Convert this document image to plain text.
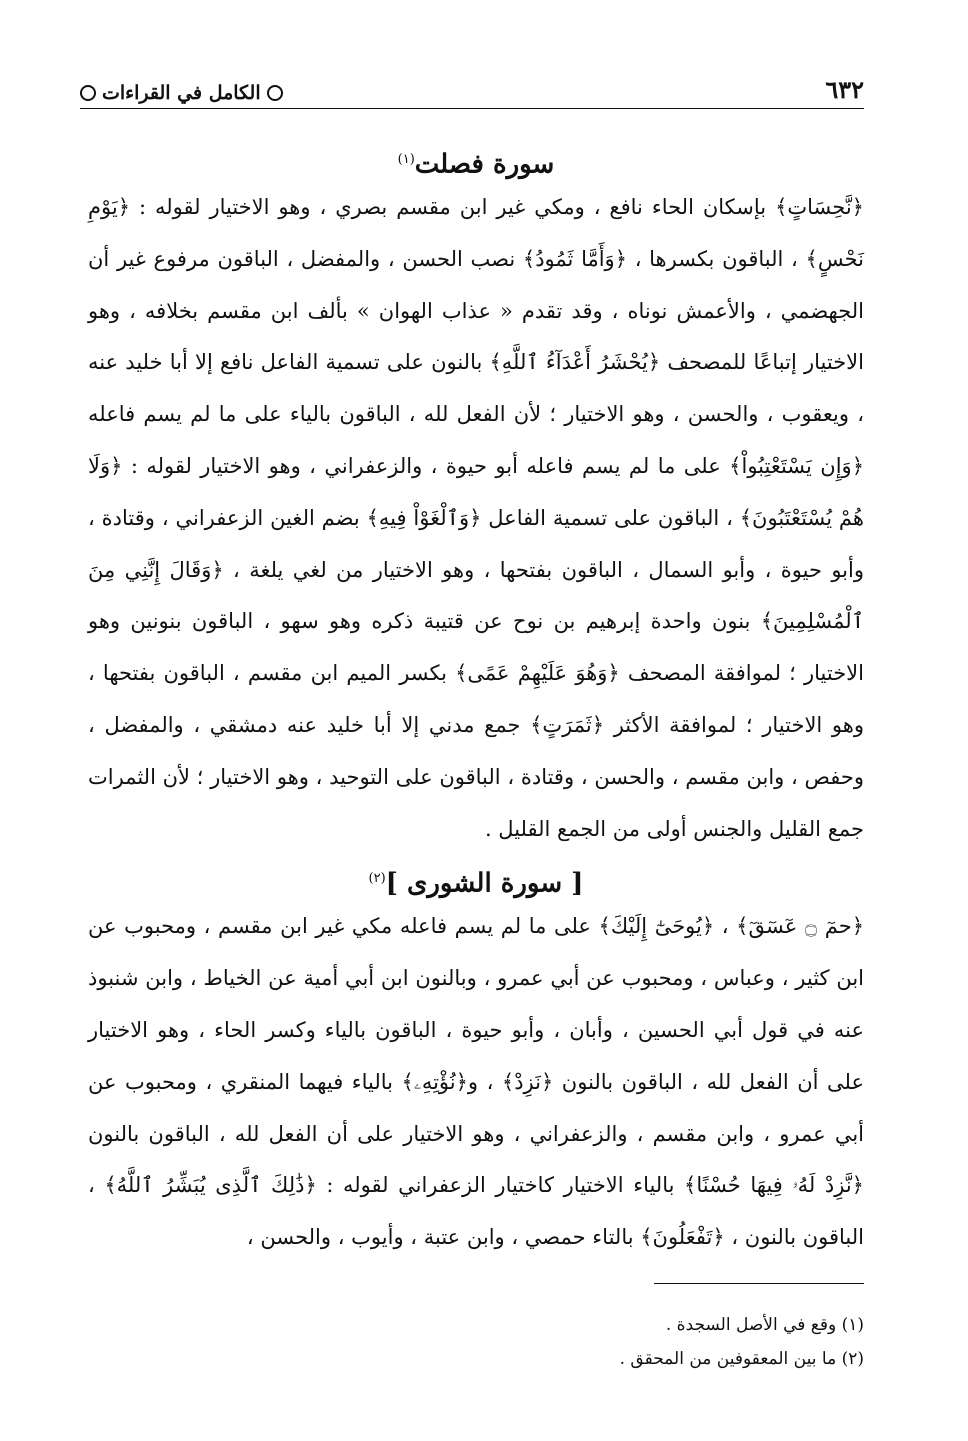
٦٣٢
الكامل في القراءات
سورة فصلت$^{(١)}$

﴿نَّحِسَاتٍ﴾ بإسكان الحاء نافع ، ومكي غير ابن مقسم بصري ، وهو الاختيار لقوله : ﴿يَوْمِ نَحْسٍ﴾ ، الباقون بكسرها ، ﴿وَأَمَّا ثَمُودُ﴾ نصب الحسن ، والمفضل ، الباقون مرفوع غير أن الجهضمي ، والأعمش نوناه ، وقد تقدم « عذاب الهوان » بألف ابن مقسم بخلافه ، وهو الاختيار إتباعًا للمصحف ﴿يُحْشَرُ أَعْدَآءُ ٱللَّهِ﴾ بالنون على تسمية الفاعل نافع إلا أبا خليد عنه ، ويعقوب ، والحسن ، وهو الاختيار ؛ لأن الفعل لله ، الباقون بالياء على ما لم يسم فاعله ﴿وَإِن يَسْتَعْتِبُواْ﴾ على ما لم يسم فاعله أبو حيوة ، والزعفراني ، وهو الاختيار لقوله : ﴿وَلَا هُمْ يُسْتَعْتَبُونَ﴾ ، الباقون على تسمية الفاعل ﴿وَٱلْغَوْاْ فِيهِ﴾ بضم الغين الزعفراني ، وقتادة ، وأبو حيوة ، وأبو السمال ، الباقون بفتحها ، وهو الاختيار من لغي يلغة ، ﴿وَقَالَ إِنَّنِي مِنَ ٱلْمُسْلِمِينَ﴾ بنون واحدة إبرهيم بن نوح عن قتيبة ذكره وهو سهو ، الباقون بنونين وهو الاختيار ؛ لموافقة المصحف ﴿وَهُوَ عَلَيْهِمْ عَمًى﴾ بكسر الميم ابن مقسم ، الباقون بفتحها ، وهو الاختيار ؛ لموافقة الأكثر ﴿ثَمَرَتٍ﴾ جمع مدني إلا أبا خليد عنه دمشقي ، والمفضل ، وحفص ، وابن مقسم ، والحسن ، وقتادة ، الباقون على التوحيد ، وهو الاختيار ؛ لأن الثمرات جمع القليل والجنس أولى من الجمع القليل .

[ سورة الشورى ]$^{(٢)}$

﴿حمٓ ۝ عٓسٓقٓ﴾ ، ﴿يُوحَىٰٓ إِلَيْكَ﴾ على ما لم يسم فاعله مكي غير ابن مقسم ، ومحبوب عن ابن كثير ، وعباس ، ومحبوب عن أبي عمرو ، وبالنون ابن أبي أمية عن الخياط ، وابن شنبوذ عنه في قول أبي الحسين ، وأبان ، وأبو حيوة ، الباقون بالياء وكسر الحاء ، وهو الاختيار على أن الفعل لله ، الباقون بالنون ﴿نَزِدْ﴾ ، و﴿نُؤْتِهِۦ﴾ بالياء فيهما المنقري ، ومحبوب عن أبي عمرو ، وابن مقسم ، والزعفراني ، وهو الاختيار على أن الفعل لله ، الباقون بالنون ﴿نَّزِدْ لَهُۥ فِيهَا حُسْنًا﴾ بالياء الاختيار كاختيار الزعفراني لقوله : ﴿ذَٰلِكَ ٱلَّذِى يُبَشِّرُ ٱللَّهُ﴾ ، الباقون بالنون ، ﴿تَفْعَلُونَ﴾ بالتاء حمصي ، وابن عتبة ، وأيوب ، والحسن ،

(١) وقع في الأصل السجدة .

(٢) ما بين المعقوفين من المحقق .
